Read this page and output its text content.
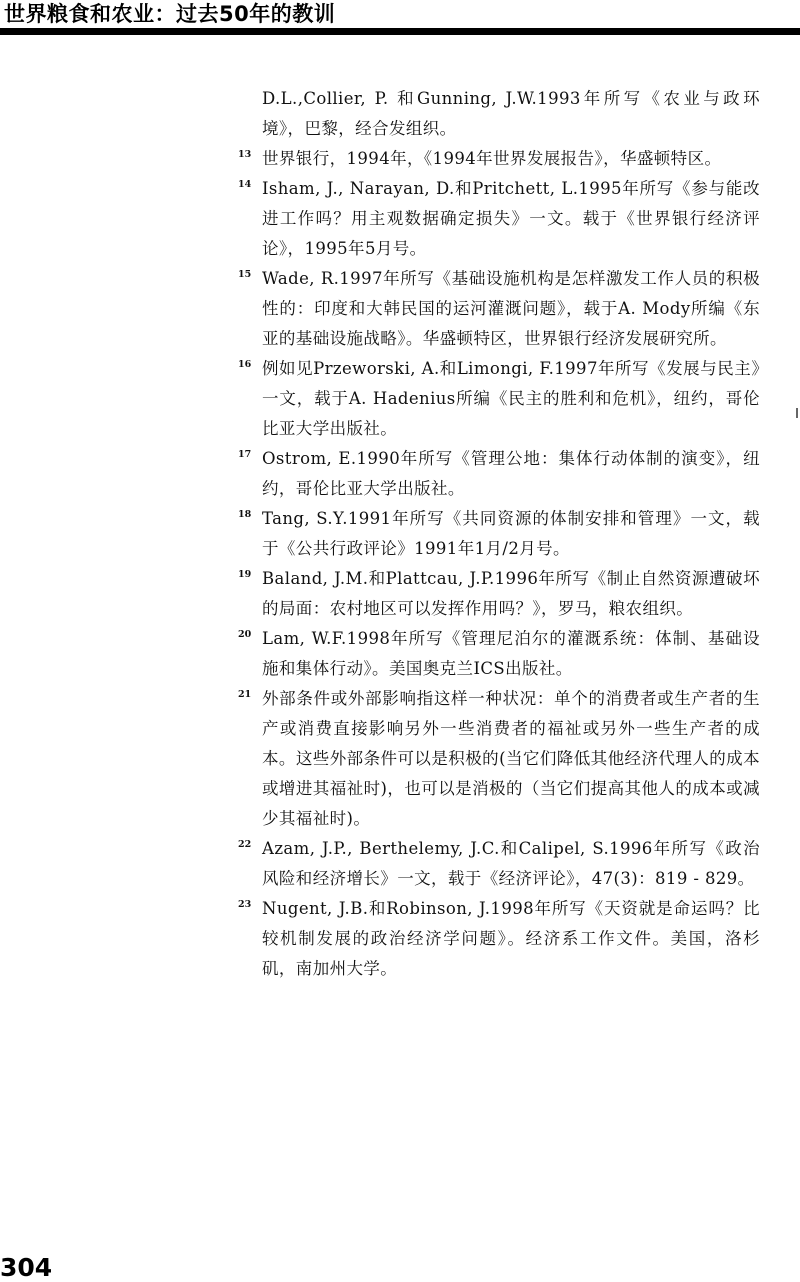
世界粮食和农业：过去50年的教训
D.L.,Collier, P. 和Gunning, J.W.1993年所写《农业与政环境》，巴黎，经合发组织。
13 世界银行，1994年，《1994年世界发展报告》，华盛顿特区。
14 Isham, J., Narayan, D.和Pritchett, L.1995年所写《参与能改进工作吗？用主观数据确定损失》一文。载于《世界银行经济评论》，1995年5月号。
15 Wade, R.1997年所写《基础设施机构是怎样激发工作人员的积极性的：印度和大韩民国的运河灌溉问题》，载于A. Mody所编《东亚的基础设施战略》。华盛顿特区，世界银行经济发展研究所。
16 例如见Przeworski, A.和Limongi, F.1997年所写《发展与民主》一文，载于A. Hadenius所编《民主的胜利和危机》，纽约，哥伦比亚大学出版社。
17 Ostrom, E.1990年所写《管理公地：集体行动体制的演变》，纽约，哥伦比亚大学出版社。
18 Tang, S.Y.1991年所写《共同资源的体制安排和管理》一文，载于《公共行政评论》1991年1月/2月号。
19 Baland, J.M.和Plattcau, J.P.1996年所写《制止自然资源遭破坏的局面：农村地区可以发挥作用吗？》，罗马，粮农组织。
20 Lam, W.F.1998年所写《管理尼泊尔的灌溉系统：体制、基础设施和集体行动》。美国奥克兰ICS出版社。
21 外部条件或外部影响指这样一种状况：单个的消费者或生产者的生产或消费直接影响另外一些消费者的福祉或另外一些生产者的成本。这些外部条件可以是积极的(当它们降低其他经济代理人的成本或增进其福祉时)，也可以是消极的（当它们提高其他人的成本或减少其福祉时)。
22 Azam, J.P., Berthelemy, J.C.和Calipel, S.1996年所写《政治风险和经济增长》一文，载于《经济评论》，47(3)：819 - 829。
23 Nugent, J.B.和Robinson, J.1998年所写《天资就是命运吗？比较机制发展的政治经济学问题》。经济系工作文件。美国，洛杉矶，南加州大学。
304
